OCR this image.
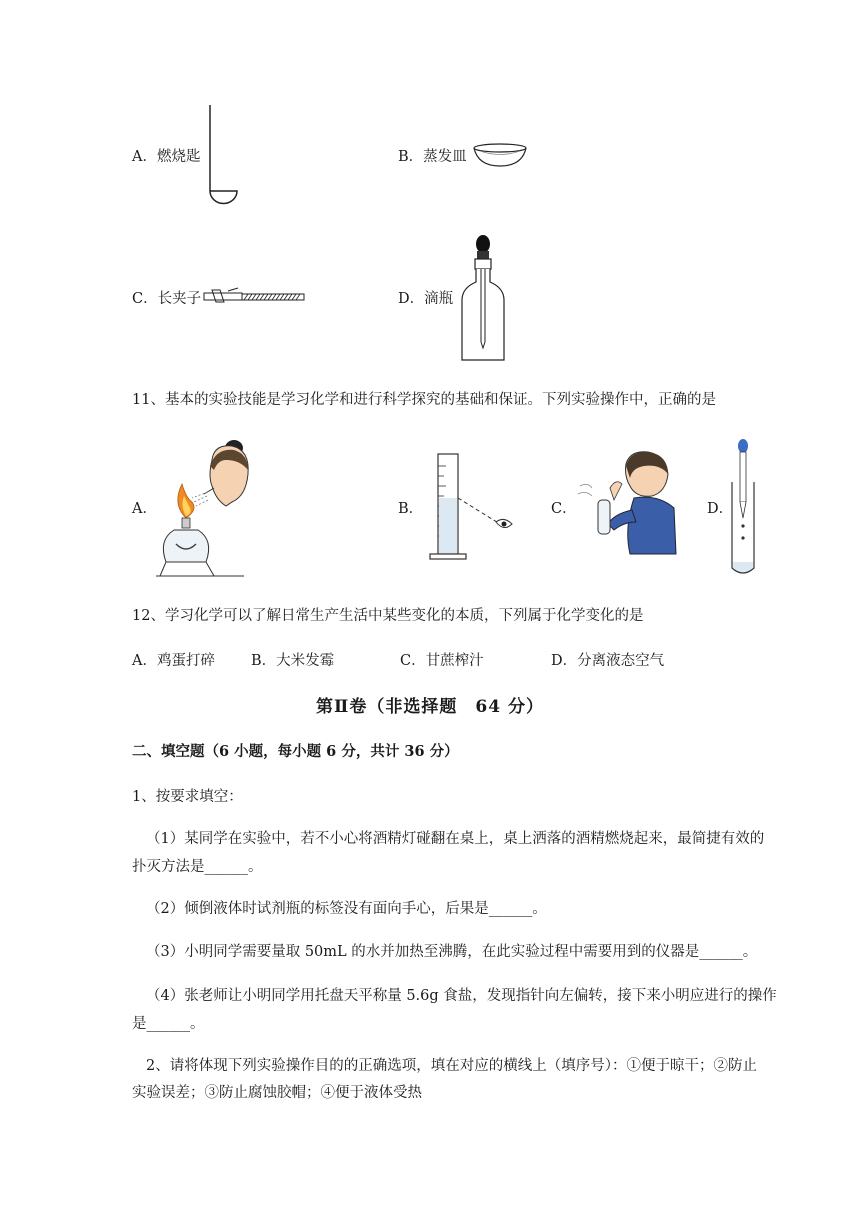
A．燃烧匙	B．蒸发皿
C．长夹子	D．滴瓶
11、基本的实验技能是学习化学和进行科学探究的基础和保证。下列实验操作中，正确的是
A．	B．	C．	D．
12、学习化学可以了解日常生产生活中某些变化的本质，下列属于化学变化的是
A．鸡蛋打碎 B．大米发霉	C．甘蔗榨汁	D．分离液态空气
第Ⅱ卷（非选择题　64 分）
二、填空题（6 小题，每小题 6 分，共计 36 分）
1、按要求填空：
（1）某同学在实验中，若不小心将酒精灯碰翻在桌上，桌上洒落的酒精燃烧起来，最简捷有效的
扑灭方法是______。
（2）倾倒液体时试剂瓶的标签没有面向手心，后果是______。
（3）小明同学需要量取 50mL 的水并加热至沸腾，在此实验过程中需要用到的仪器是______。
（4）张老师让小明同学用托盘天平称量 5.6g 食盐，发现指针向左偏转，接下来小明应进行的操作
是______。
2、请将体现下列实验操作目的的正确选项，填在对应的横线上（填序号）：①便于晾干；②防止
实验误差；③防止腐蚀胶帽；④便于液体受热
